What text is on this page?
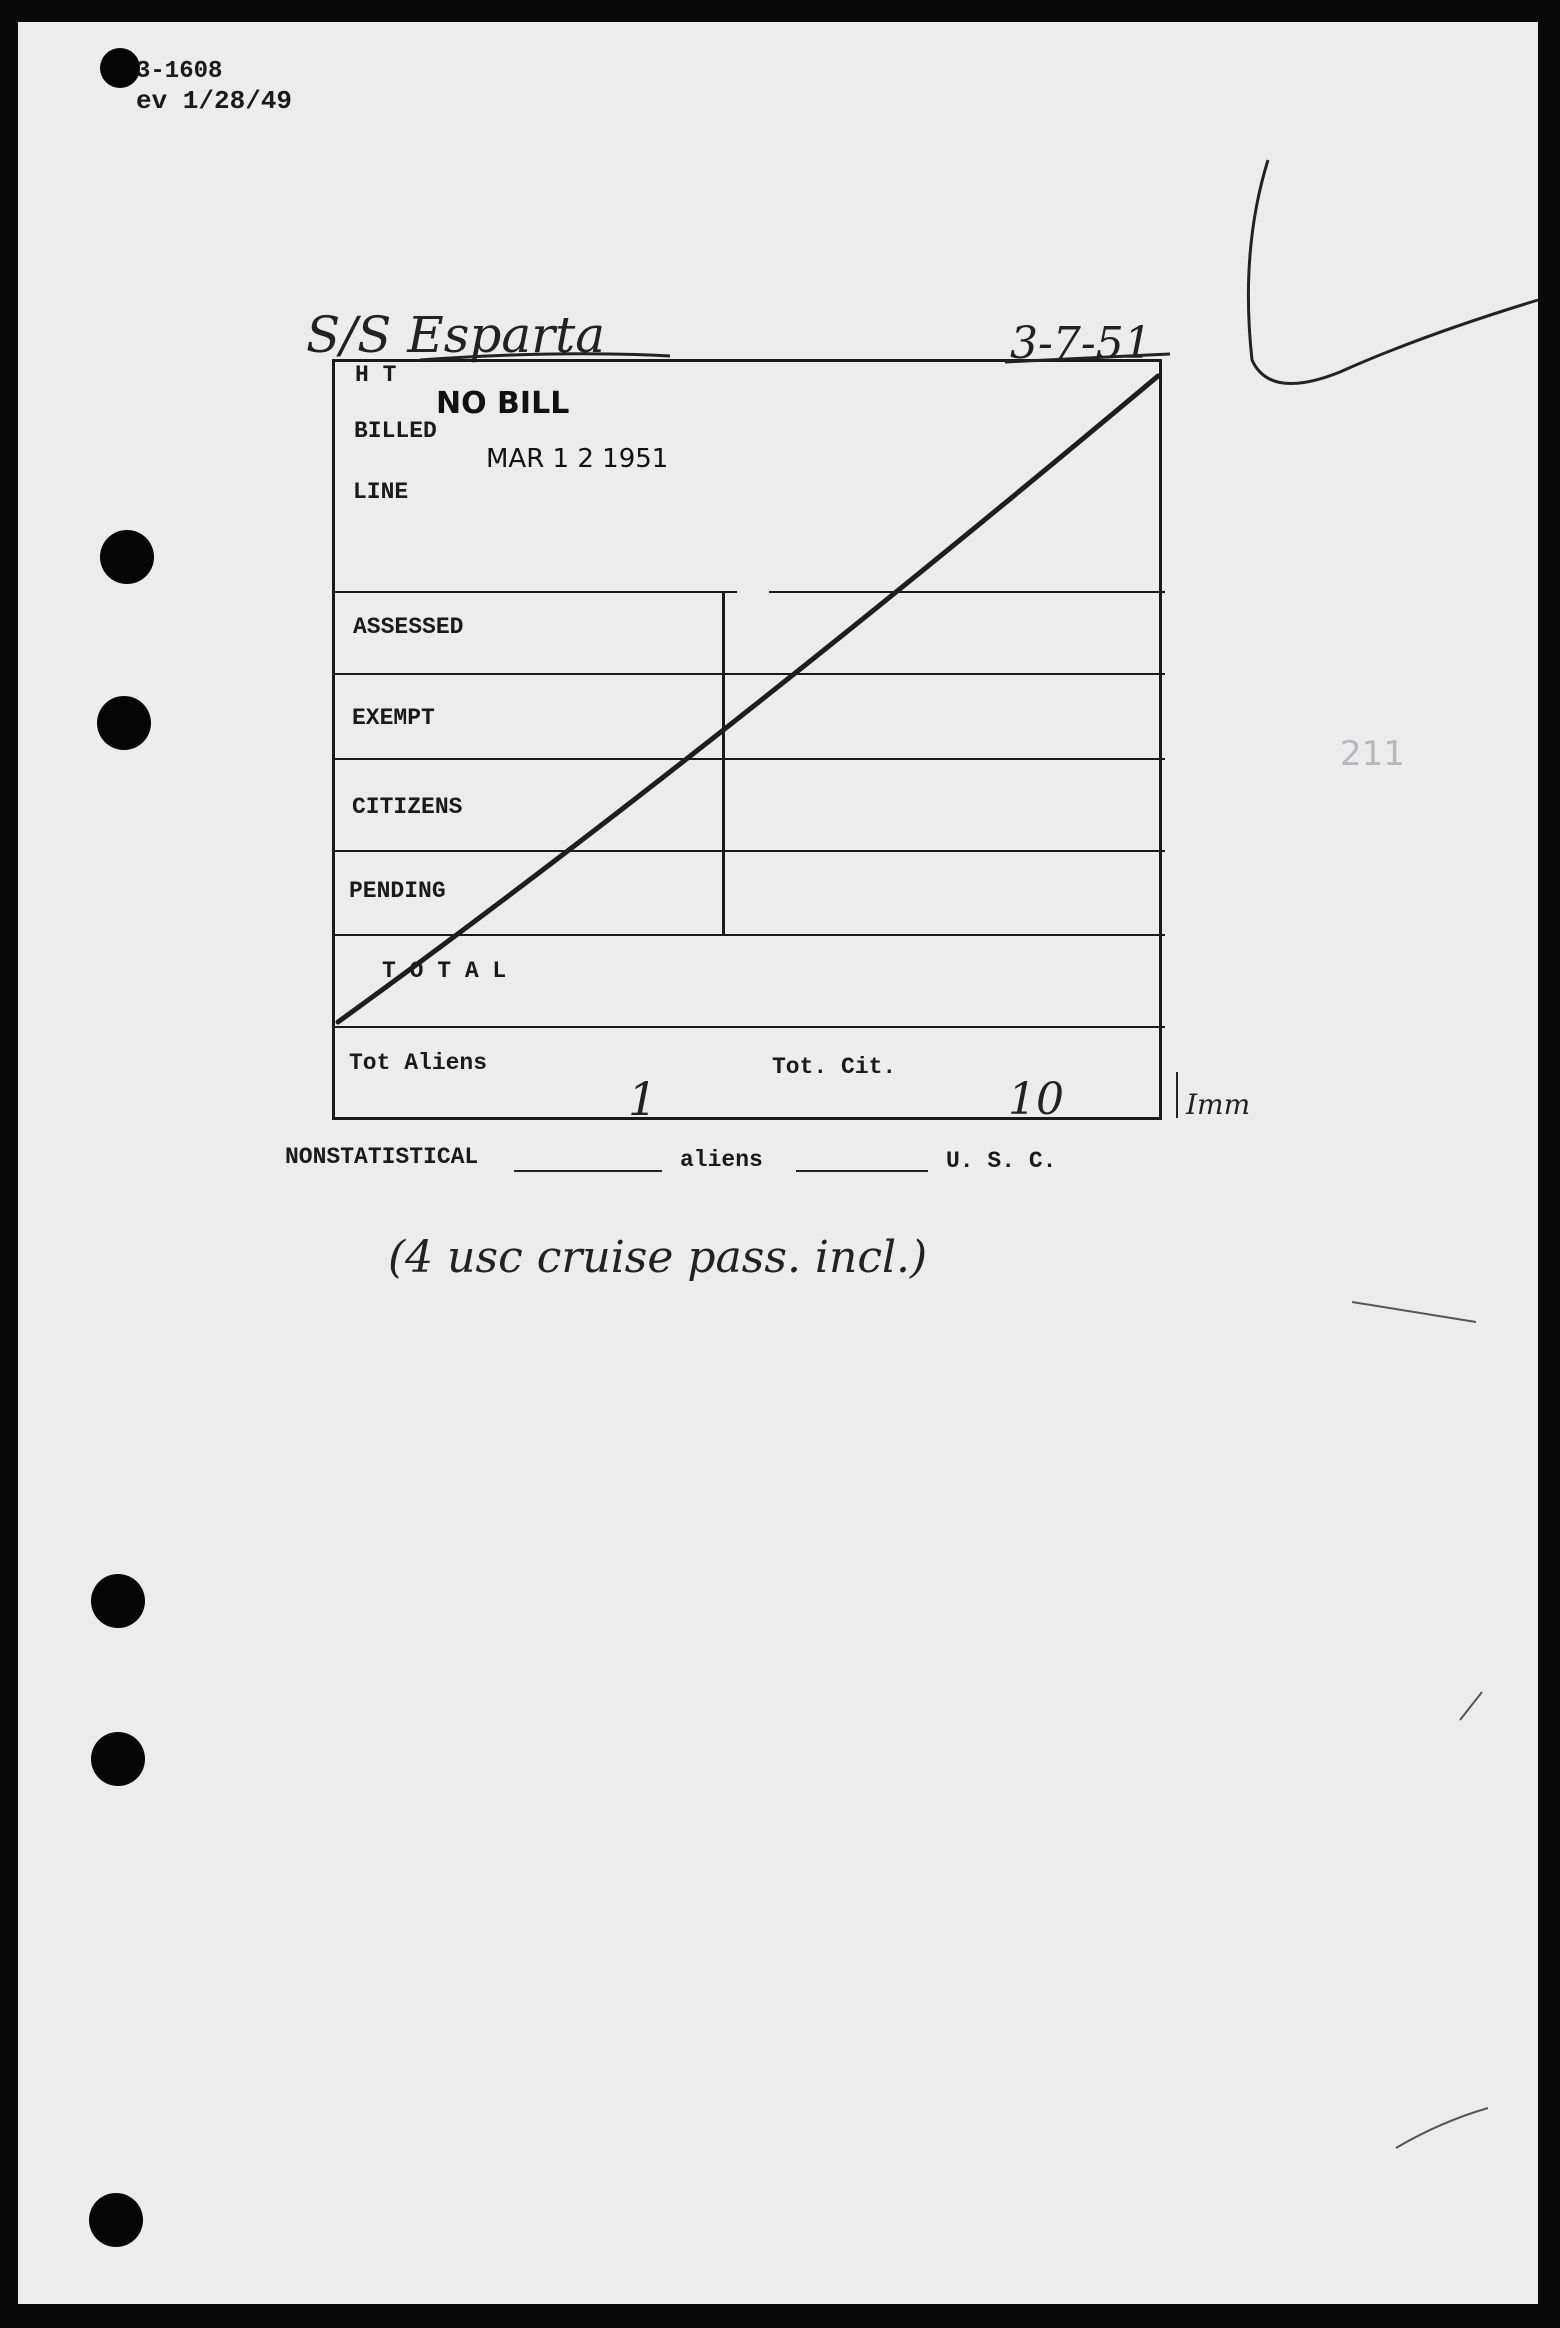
3-1608
ev 1/28/49
S/S Esparta	3-7-51
H T
BILLED
LINE
NO BILL
MAR 1 2 1951
ASSESSED
EXEMPT
CITIZENS
PENDING
T O T A L
Tot Aliens	Tot. Cit.
1	10	Imm
NONSTATISTICAL	aliens	U. S. C.
(4 usc cruise pass. incl.)
211
